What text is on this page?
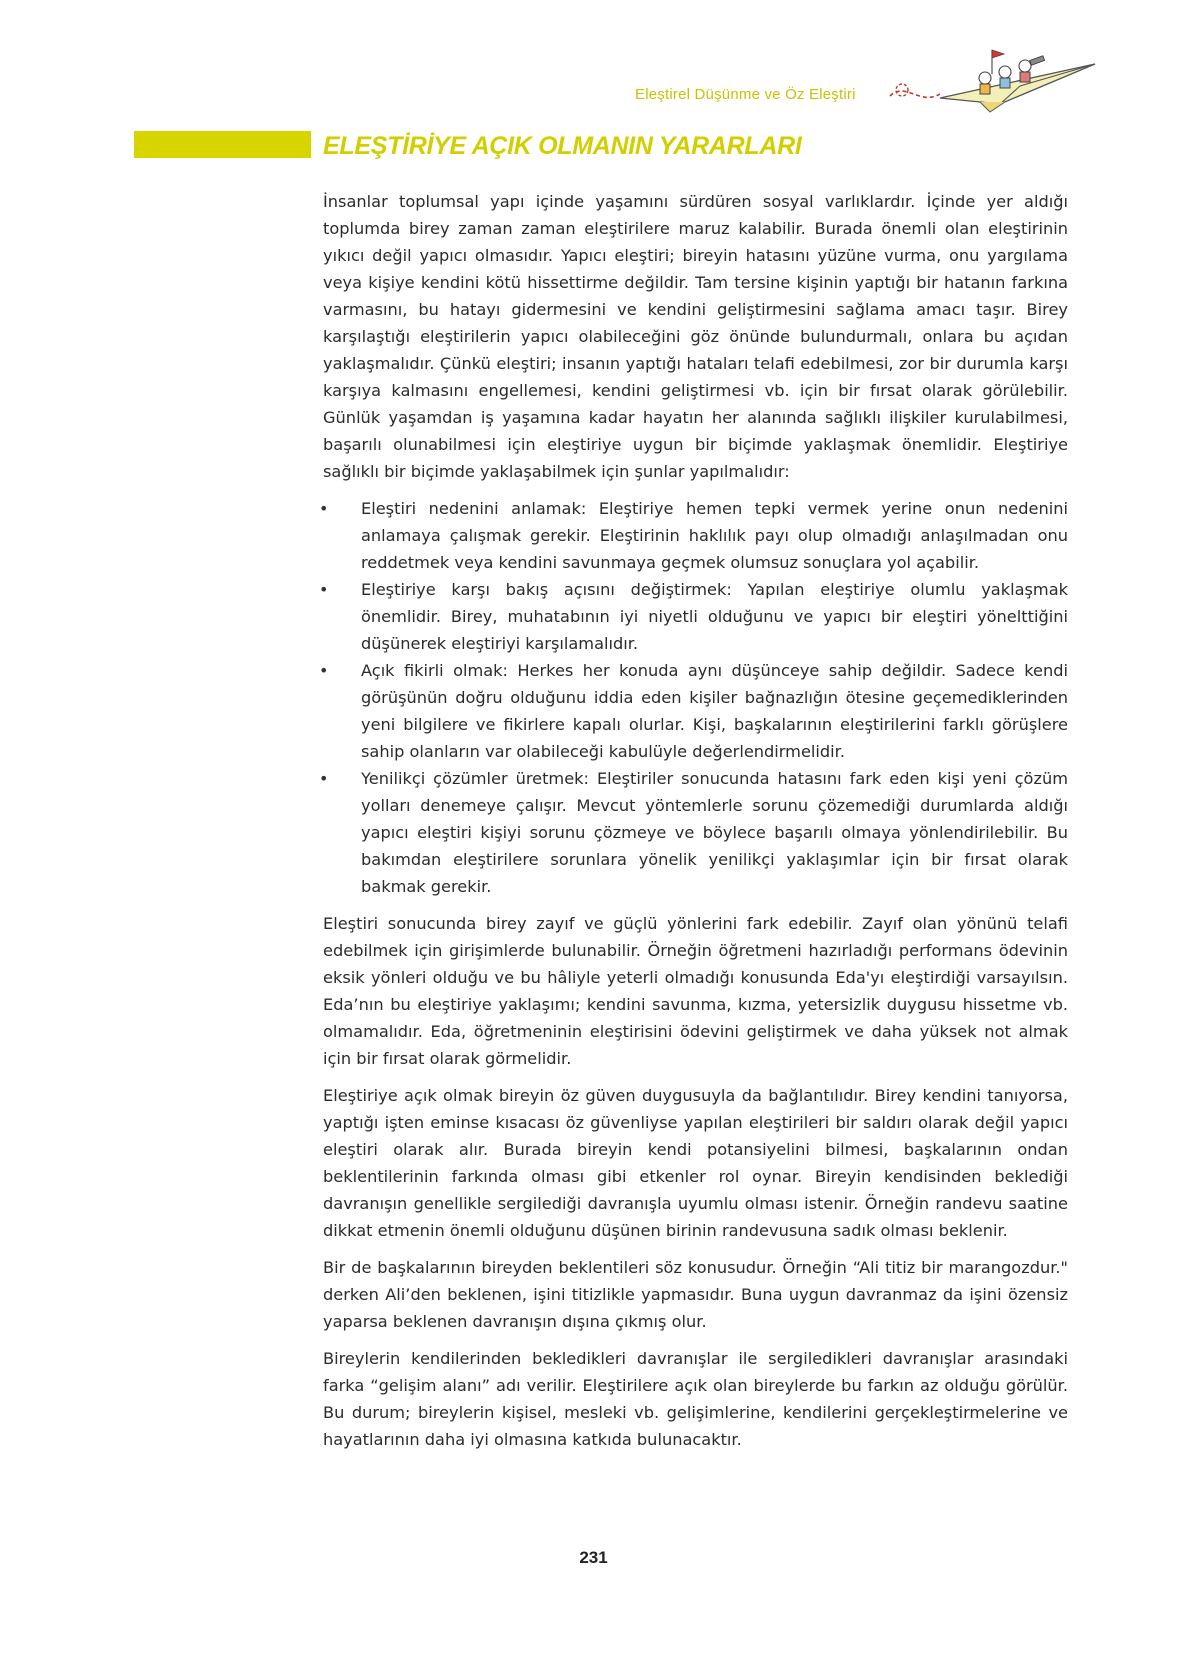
Eleştirel Düşünme ve Öz Eleştiri
ELEŞTİRİYE AÇIK OLMANIN YARARLARI

İnsanlar toplumsal yapı içinde yaşamını sürdüren sosyal varlıklardır. İçinde yer aldığı toplumda birey zaman zaman eleştirilere maruz kalabilir. Burada önemli olan eleştirinin yıkıcı değil yapıcı olmasıdır. Yapıcı eleştiri; bireyin hatasını yüzüne vurma, onu yargılama veya kişiye kendini kötü hissettirme değildir. Tam tersine kişinin yaptığı bir hatanın farkına varmasını, bu hatayı gidermesini ve kendini geliştirmesini sağlama amacı taşır. Birey karşılaştığı eleştirilerin yapıcı olabileceğini göz önünde bulundurmalı, onlara bu açıdan yaklaşmalıdır. Çünkü eleştiri; insanın yaptığı hataları telafi edebilmesi, zor bir durumla karşı karşıya kalmasını engellemesi, kendini geliştirmesi vb. için bir fırsat olarak görülebilir. Günlük yaşamdan iş yaşamına kadar hayatın her alanında sağlıklı ilişkiler kurulabilmesi, başarılı olunabilmesi için eleştiriye uygun bir biçimde yaklaşmak önemlidir. Eleştiriye sağlıklı bir biçimde yaklaşabilmek için şunlar yapılmalıdır:

• Eleştiri nedenini anlamak: Eleştiriye hemen tepki vermek yerine onun nedenini anlamaya çalışmak gerekir. Eleştirinin haklılık payı olup olmadığı anlaşılmadan onu reddetmek veya kendini savunmaya geçmek olumsuz sonuçlara yol açabilir.
• Eleştiriye karşı bakış açısını değiştirmek: Yapılan eleştiriye olumlu yaklaşmak önemlidir. Birey, muhatabının iyi niyetli olduğunu ve yapıcı bir eleştiri yönelttiğini düşünerek eleştiriyi karşılamalıdır.
• Açık fikirli olmak: Herkes her konuda aynı düşünceye sahip değildir. Sadece kendi görüşünün doğru olduğunu iddia eden kişiler bağnazlığın ötesine geçemediklerinden yeni bilgilere ve fikirlere kapalı olurlar. Kişi, başkalarının eleştirilerini farklı görüşlere sahip olanların var olabileceği kabulüyle değerlendirmelidir.
• Yenilikçi çözümler üretmek: Eleştiriler sonucunda hatasını fark eden kişi yeni çözüm yolları denemeye çalışır. Mevcut yöntemlerle sorunu çözemediği durumlarda aldığı yapıcı eleştiri kişiyi sorunu çözmeye ve böylece başarılı olmaya yönlendirilebilir. Bu bakımdan eleştirilere sorunlara yönelik yenilikçi yaklaşımlar için bir fırsat olarak bakmak gerekir.

Eleştiri sonucunda birey zayıf ve güçlü yönlerini fark edebilir. Zayıf olan yönünü telafi edebilmek için girişimlerde bulunabilir. Örneğin öğretmeni hazırladığı performans ödevinin eksik yönleri olduğu ve bu hâliyle yeterli olmadığı konusunda Eda'yı eleştirdiği varsayılsın. Eda’nın bu eleştiriye yaklaşımı; kendini savunma, kızma, yetersizlik duygusu hissetme vb. olmamalıdır. Eda, öğretmeninin eleştirisini ödevini geliştirmek ve daha yüksek not almak için bir fırsat olarak görmelidir.

Eleştiriye açık olmak bireyin öz güven duygusuyla da bağlantılıdır. Birey kendini tanıyorsa, yaptığı işten eminse kısacası öz güvenliyse yapılan eleştirileri bir saldırı olarak değil yapıcı eleştiri olarak alır. Burada bireyin kendi potansiyelini bilmesi, başkalarının ondan beklentilerinin farkında olması gibi etkenler rol oynar. Bireyin kendisinden beklediği davranışın genellikle sergilediği davranışla uyumlu olması istenir. Örneğin randevu saatine dikkat etmenin önemli olduğunu düşünen birinin randevusuna sadık olması beklenir.

Bir de başkalarının bireyden beklentileri söz konusudur. Örneğin “Ali titiz bir marangozdur." derken Ali’den beklenen, işini titizlikle yapmasıdır. Buna uygun davranmaz da işini özensiz yaparsa beklenen davranışın dışına çıkmış olur.

Bireylerin kendilerinden bekledikleri davranışlar ile sergiledikleri davranışlar arasındaki farka “gelişim alanı” adı verilir. Eleştirilere açık olan bireylerde bu farkın az olduğu görülür. Bu durum; bireylerin kişisel, mesleki vb. gelişimlerine, kendilerini gerçekleştirmelerine ve hayatlarının daha iyi olmasına katkıda bulunacaktır.

231
